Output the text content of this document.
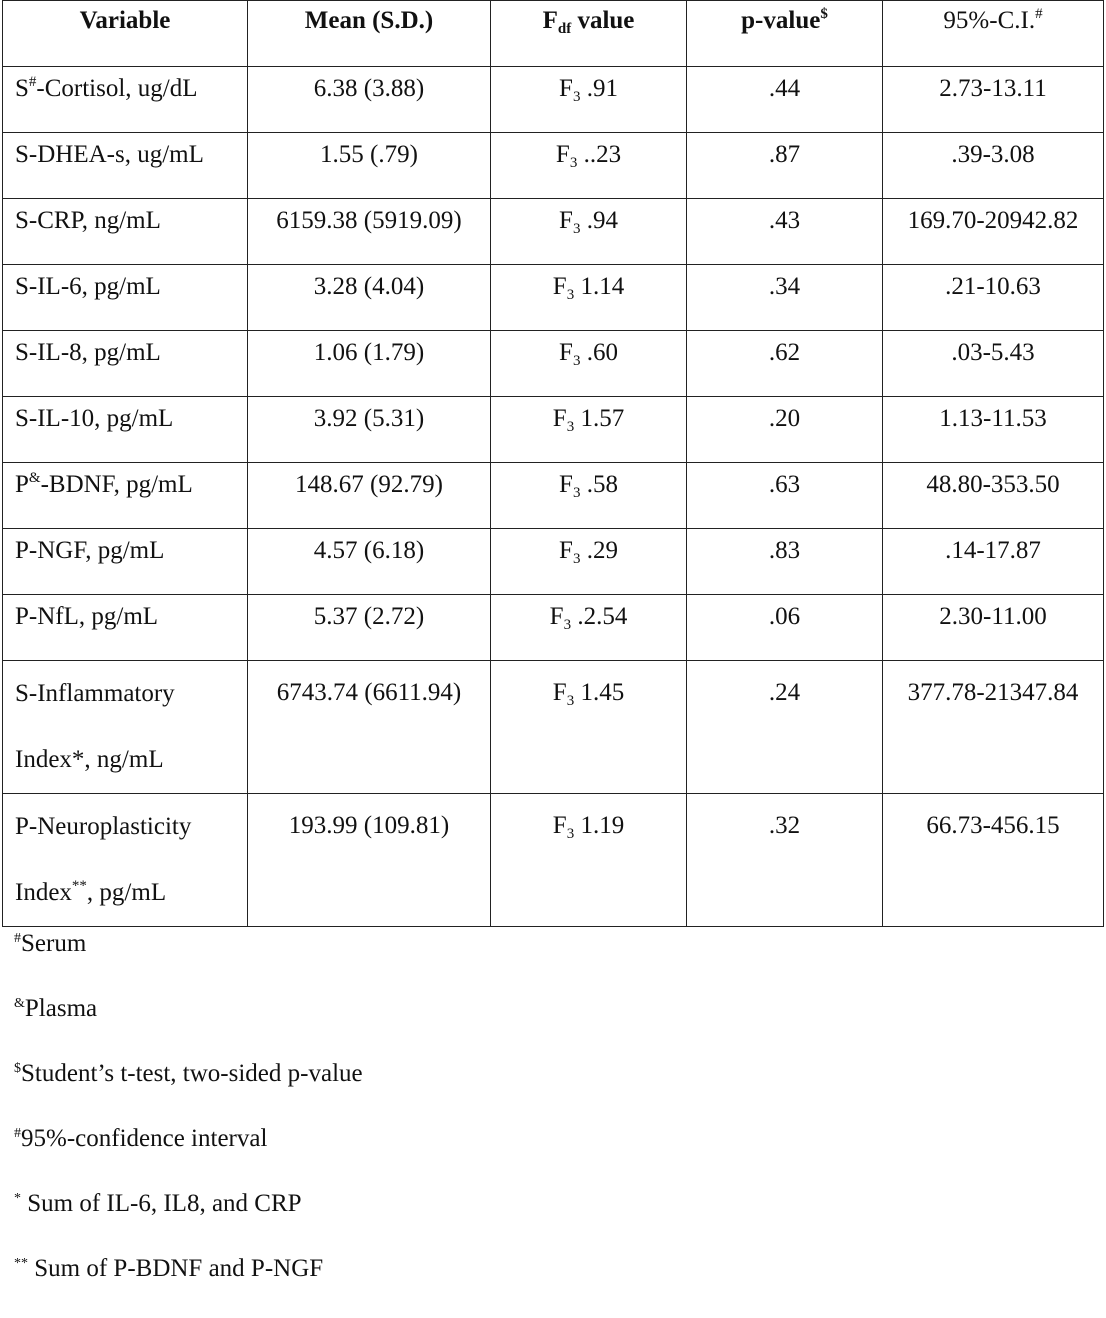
Variable	Mean (S.D.)	$F_{df}$ value	p-value$	95%-C.I.#
S#-Cortisol, ug/dL	6.38 (3.88)	$F_3$ .91	.44	2.73-13.11
S-DHEA-s, ug/mL	1.55 (.79)	$F_3$ ..23	.87	.39-3.08
S-CRP, ng/mL	6159.38 (5919.09)	$F_3$ .94	.43	169.70-20942.82
S-IL-6, pg/mL	3.28 (4.04)	$F_3$ 1.14	.34	.21-10.63
S-IL-8, pg/mL	1.06 (1.79)	$F_3$ .60	.62	.03-5.43
S-IL-10, pg/mL	3.92 (5.31)	$F_3$ 1.57	.20	1.13-11.53
P&-BDNF, pg/mL	148.67 (92.79)	$F_3$ .58	.63	48.80-353.50
P-NGF, pg/mL	4.57 (6.18)	$F_3$ .29	.83	.14-17.87
P-NfL, pg/mL	5.37 (2.72)	$F_3$ .2.54	.06	2.30-11.00
S-Inflammatory
Index*, ng/mL	6743.74 (6611.94)	$F_3$ 1.45	.24	377.78-21347.84
P-Neuroplasticity
Index**, pg/mL	193.99 (109.81)	$F_3$ 1.19	.32	66.73-456.15
#Serum
&Plasma
$Student’s t-test, two-sided p-value
#95%-confidence interval
* Sum of IL-6, IL8, and CRP
** Sum of P-BDNF and P-NGF
